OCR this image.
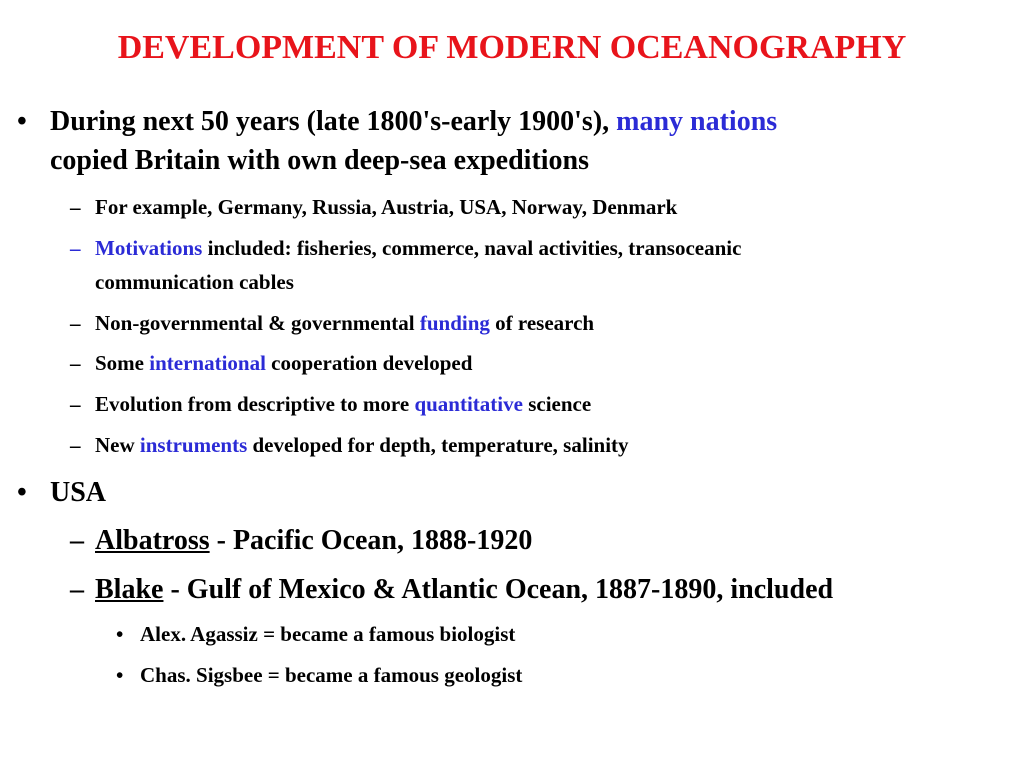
DEVELOPMENT OF MODERN OCEANOGRAPHY
• During next 50 years (late 1800's-early 1900's), many nations
copied Britain with own deep-sea expeditions
– For example, Germany, Russia, Austria, USA, Norway, Denmark
– Motivations included: fisheries, commerce, naval activities, transoceanic
communication cables
– Non-governmental & governmental funding of research
– Some international cooperation developed
– Evolution from descriptive to more quantitative science
– New instruments developed for depth, temperature, salinity
• USA
– Albatross - Pacific Ocean, 1888-1920
– Blake - Gulf of Mexico & Atlantic Ocean, 1887-1890, included
• Alex. Agassiz = became a famous biologist
• Chas. Sigsbee = became a famous geologist
